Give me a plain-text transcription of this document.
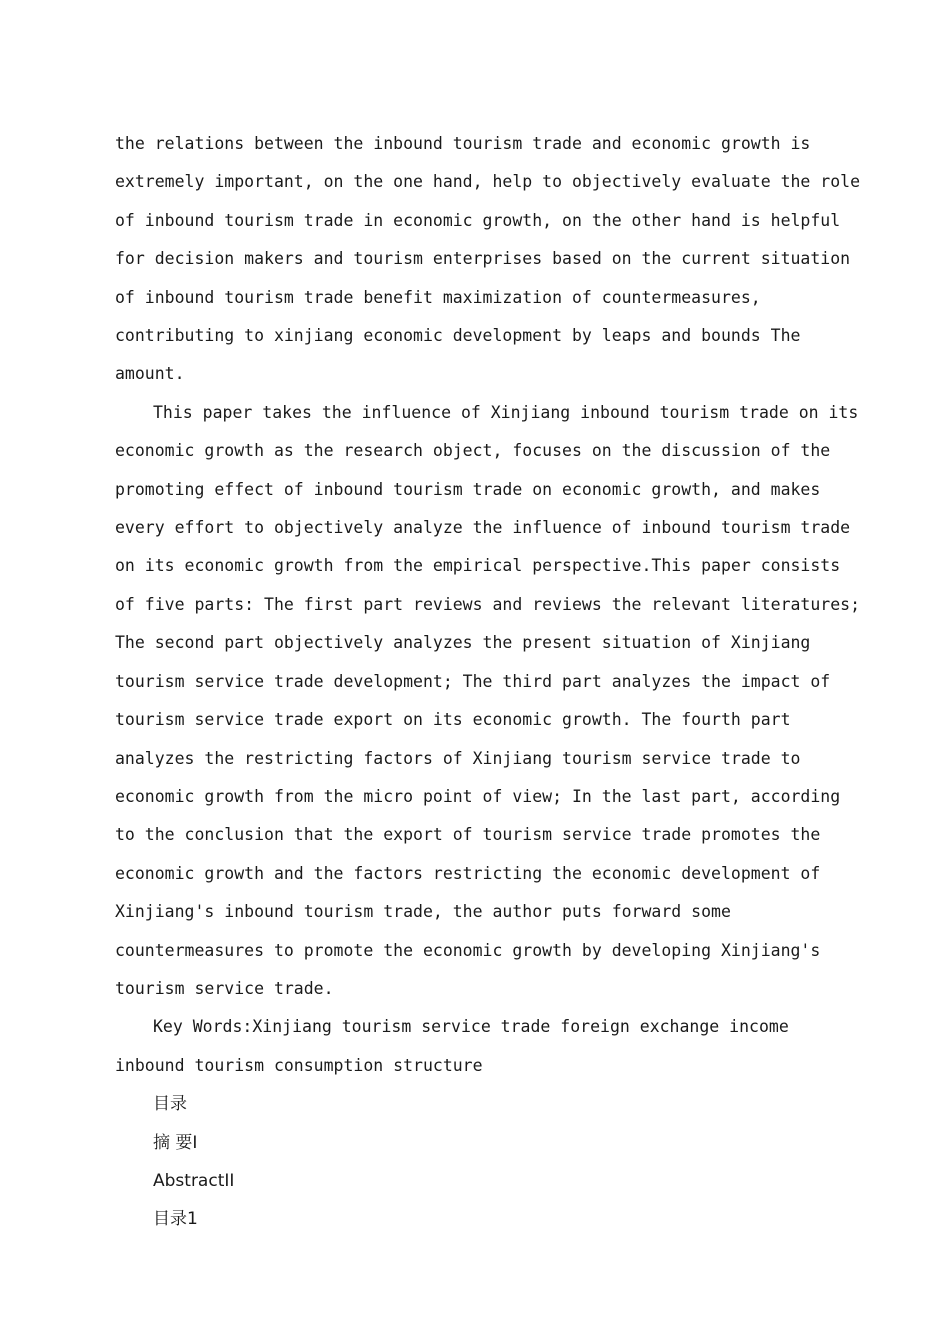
the relations between the inbound tourism trade and economic growth is

extremely important, on the one hand, help to objectively evaluate the role

of inbound tourism trade in economic growth, on the other hand is helpful

for decision makers and tourism enterprises based on the current situation

of inbound tourism trade benefit maximization of countermeasures,

contributing to xinjiang economic development by leaps and bounds The

amount.

This paper takes the influence of Xinjiang inbound tourism trade on its

economic growth as the research object, focuses on the discussion of the

promoting effect of inbound tourism trade on economic growth, and makes

every effort to objectively analyze the influence of inbound tourism trade

on its economic growth from the empirical perspective.This paper consists

of five parts: The first part reviews and reviews the relevant literatures;

The second part objectively analyzes the present situation of Xinjiang

tourism service trade development; The third part analyzes the impact of

tourism service trade export on its economic growth. The fourth part

analyzes the restricting factors of Xinjiang tourism service trade to

economic growth from the micro point of view; In the last part, according

to the conclusion that the export of tourism service trade promotes the

economic growth and the factors restricting the economic development of

Xinjiang's inbound tourism trade, the author puts forward some

countermeasures to promote the economic growth by developing Xinjiang's

tourism service trade.

Key Words:Xinjiang tourism service trade foreign exchange income

inbound tourism consumption structure

目录

摘 要I

AbstractII

目录1
